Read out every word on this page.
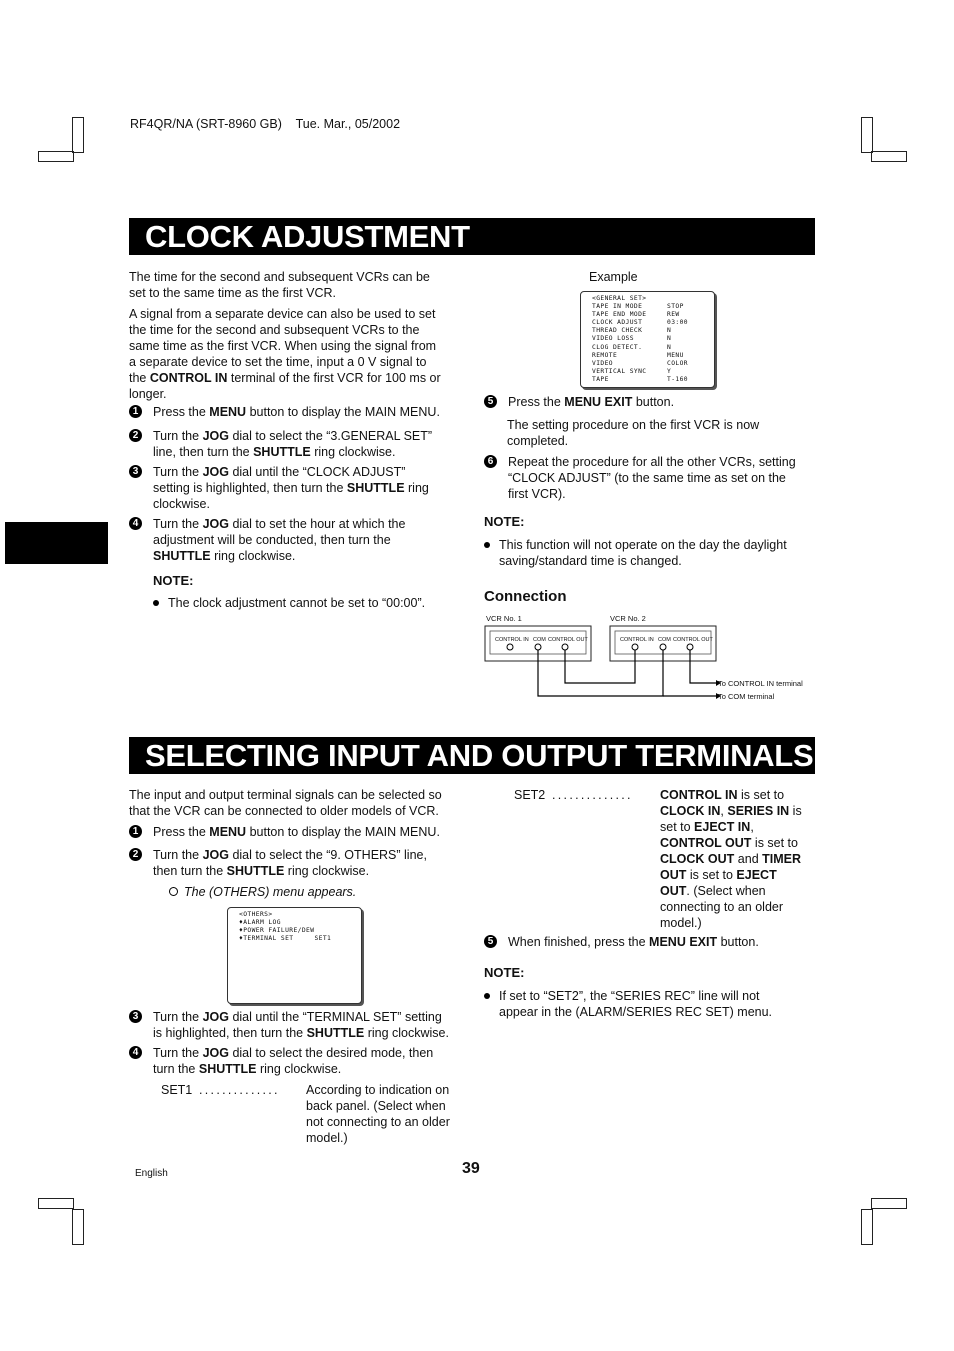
RF4QR/NA (SRT-8960 GB)    Tue. Mar., 05/2002
CLOCK ADJUSTMENT
The time for the second and subsequent VCRs can be
set to the same time as the first VCR.
A signal from a separate device can also be used to set
the time for the second and subsequent VCRs to the
same time as the first VCR. When using the signal from
a separate device to set the time, input a 0 V signal to
the CONTROL IN terminal of the first VCR for 100 ms or
longer.
1 Press the MENU button to display the MAIN MENU.
2 Turn the JOG dial to select the “3.GENERAL SET”
line, then turn the SHUTTLE ring clockwise.
3 Turn the JOG dial until the “CLOCK ADJUST”
setting is highlighted, then turn the SHUTTLE ring
clockwise.
4 Turn the JOG dial to set the hour at which the
adjustment will be conducted, then turn the
SHUTTLE ring clockwise.
NOTE:
The clock adjustment cannot be set to “00:00”.
Example
<GENERAL SET>
TAPE IN MODE	STOP
TAPE END MODE	REW
CLOCK ADJUST	03:00
THREAD CHECK	N
VIDEO LOSS	N
CLOG DETECT.	N
REMOTE	MENU
VIDEO	COLOR
VERTICAL SYNC	Y
TAPE	T-160
5 Press the MENU EXIT button.
6 Repeat the procedure for all the other VCRs, setting
“CLOCK ADJUST” (to the same time as set on the
first VCR).
The setting procedure on the first VCR is now
completed.
NOTE:
This function will not operate on the day the daylight
saving/standard time is changed.
Connection
VCR No. 1	VCR No. 2
CONTROL IN COM CONTROL OUT	CONTROL IN COM CONTROL OUT
To CONTROL IN terminal
To COM terminal
SELECTING INPUT AND OUTPUT TERMINALS
The input and output terminal signals can be selected so
that the VCR can be connected to older models of VCR.
1 Press the MENU button to display the MAIN MENU.
2 Turn the JOG dial to select the “9. OTHERS” line,
then turn the SHUTTLE ring clockwise.
3 Turn the JOG dial until the “TERMINAL SET” setting
is highlighted, then turn the SHUTTLE ring clockwise.
4 Turn the JOG dial to select the desired mode, then
turn the SHUTTLE ring clockwise.
5 When finished, press the MENU EXIT button.
The (OTHERS) menu appears.
<OTHERS>
♦ALARM LOG
♦POWER FAILURE/DEW
♦TERMINAL SET     SET1
SET1 .............. According to indication on
back panel. (Select when
not connecting to an older
model.)
SET2 .............. CONTROL IN is set to
CLOCK IN, SERIES IN is
set to EJECT IN,
CONTROL OUT is set to
CLOCK OUT and TIMER
OUT is set to EJECT
OUT. (Select when
connecting to an older
model.)
NOTE:
If set to “SET2”, the “SERIES REC” line will not
appear in the (ALARM/SERIES REC SET) menu.
English	39
